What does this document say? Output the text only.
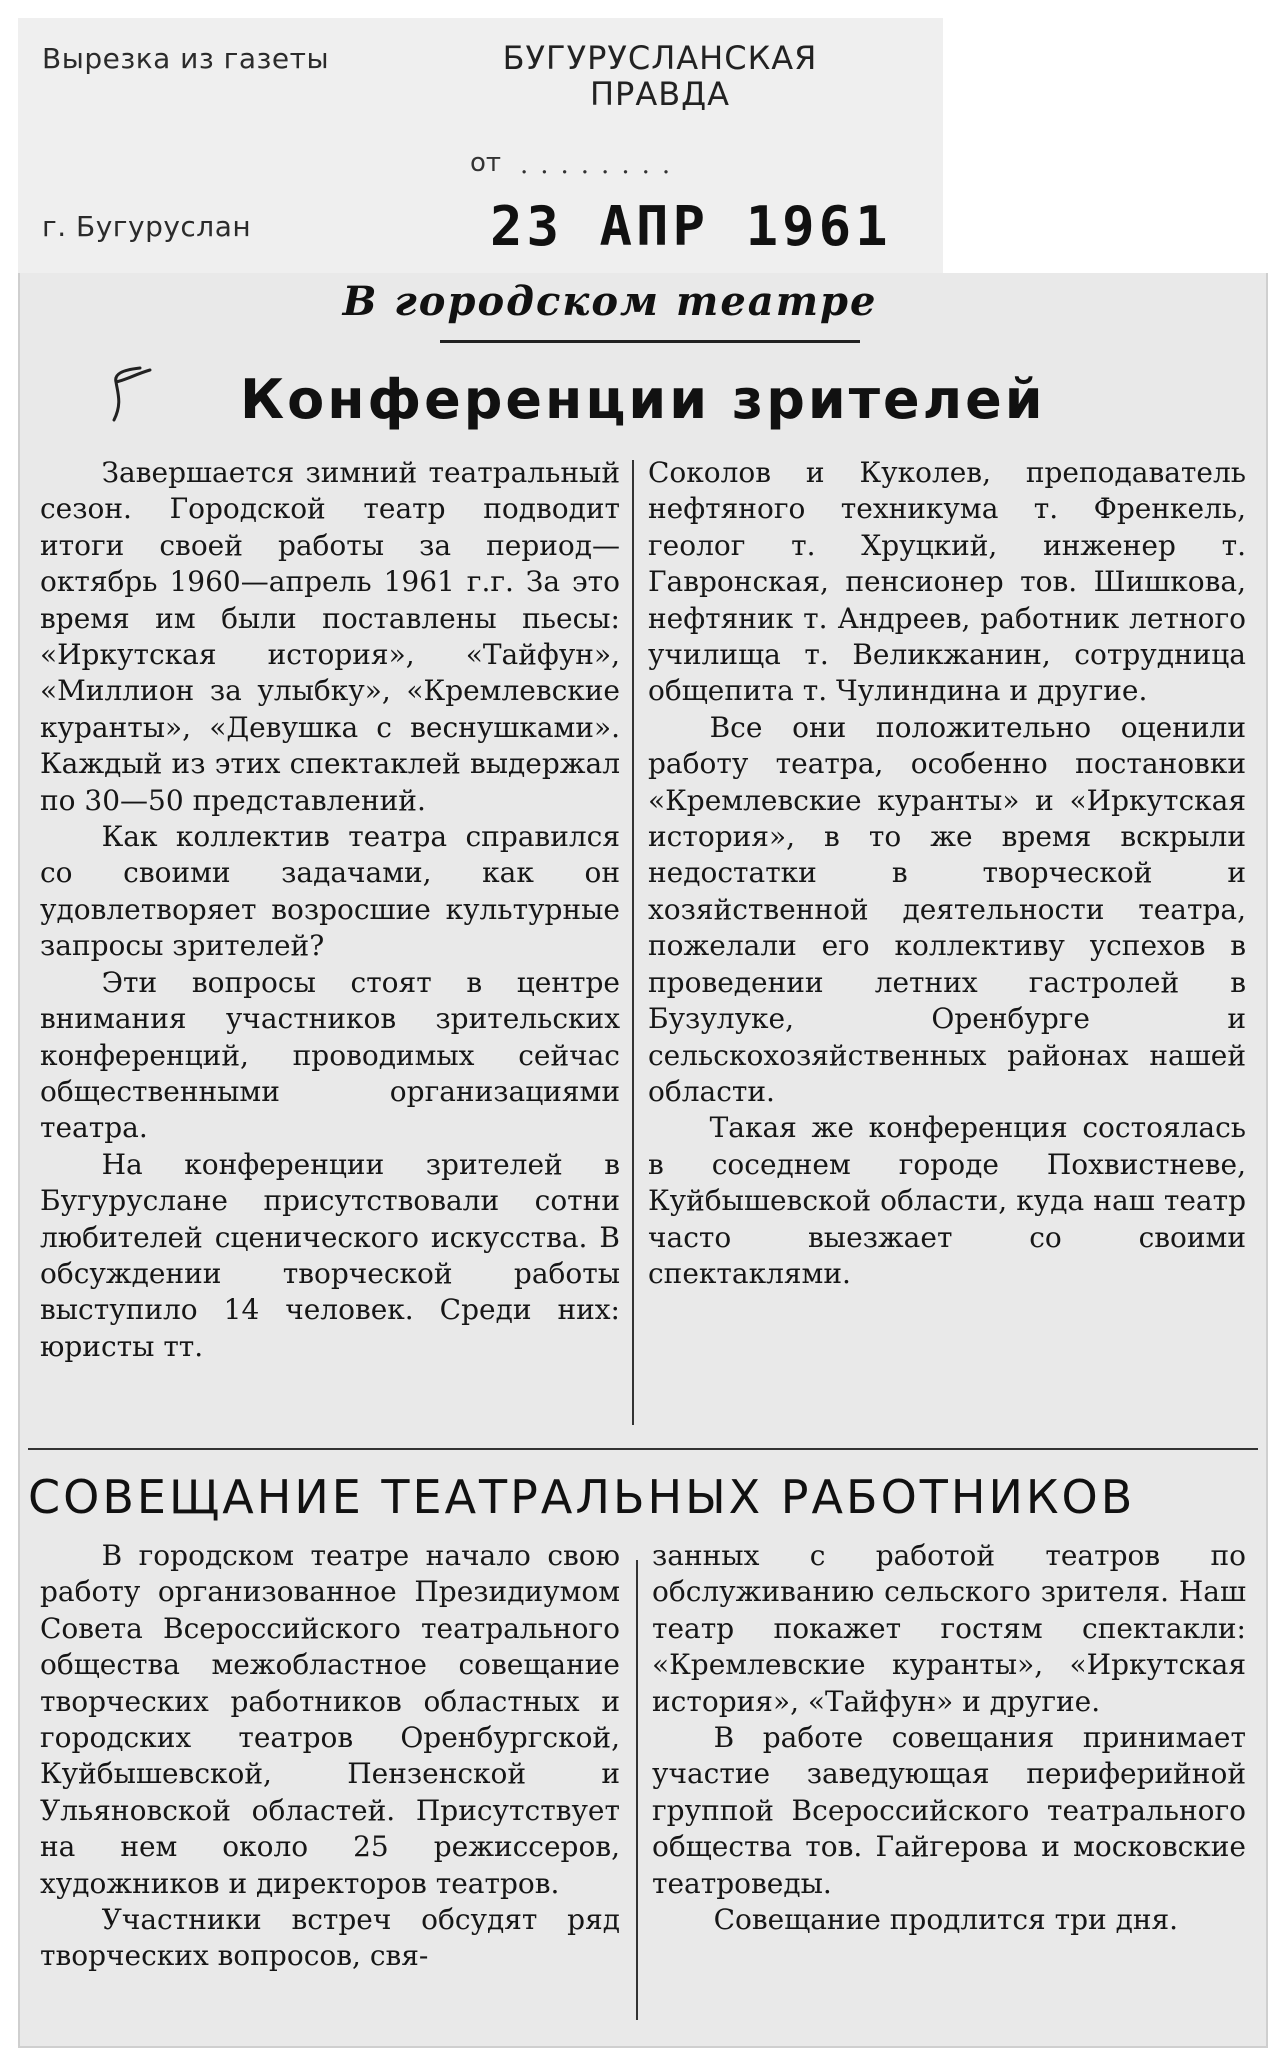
Вырезка из газеты	БУГУРУСЛАНСКАЯ
ПРАВДА
от ........
г. Бугуруслан	23 АПР 1961
В городском театре
Конференции зрителей

Завершается зимний театральный сезон. Городской театр подводит итоги своей работы за период—октябрь 1960—апрель 1961 г.г. За это время им были поставлены пьесы: «Иркутская история», «Тайфун», «Миллион за улыбку», «Кремлевские куранты», «Девушка с веснушками». Каждый из этих спектаклей выдержал по 30—50 представлений.

Как коллектив театра справился со своими задачами, как он удовлетворяет возросшие культурные запросы зрителей?

Эти вопросы стоят в центре внимания участников зрительских конференций, проводимых сейчас общественными организациями театра.

На конференции зрителей в Бугуруслане присутствовали сотни любителей сценического искусства. В обсуждении творческой работы выступило 14 человек. Среди них: юристы тт.

Соколов и Куколев, преподаватель нефтяного техникума т. Френкель, геолог т. Хруцкий, инженер т. Гавронская, пенсионер тов. Шишкова, нефтяник т. Андреев, работник летного училища т. Великжанин, сотрудница общепита т. Чулиндина и другие.

Все они положительно оценили работу театра, особенно постановки «Кремлевские куранты» и «Иркутская история», в то же время вскрыли недостатки в творческой и хозяйственной деятельности театра, пожелали его коллективу успехов в проведении летних гастролей в Бузулуке, Оренбурге и сельскохозяйственных районах нашей области.

Такая же конференция состоялась в соседнем городе Похвистневе, Куйбышевской области, куда наш театр часто выезжает со своими спектаклями.

СОВЕЩАНИЕ ТЕАТРАЛЬНЫХ РАБОТНИКОВ

В городском театре начало свою работу организованное Президиумом Совета Всероссийского театрального общества межобластное совещание творческих работников областных и городских театров Оренбургской, Куйбышевской, Пензенской и Ульяновской областей. Присутствует на нем около 25 режиссеров, художников и директоров театров.

Участники встреч обсудят ряд творческих вопросов, свя-

занных с работой театров по обслуживанию сельского зрителя. Наш театр покажет гостям спектакли: «Кремлевские куранты», «Иркутская история», «Тайфун» и другие.

В работе совещания принимает участие заведующая периферийной группой Всероссийского театрального общества тов. Гайгерова и московские театроведы.

Совещание продлится три дня.
